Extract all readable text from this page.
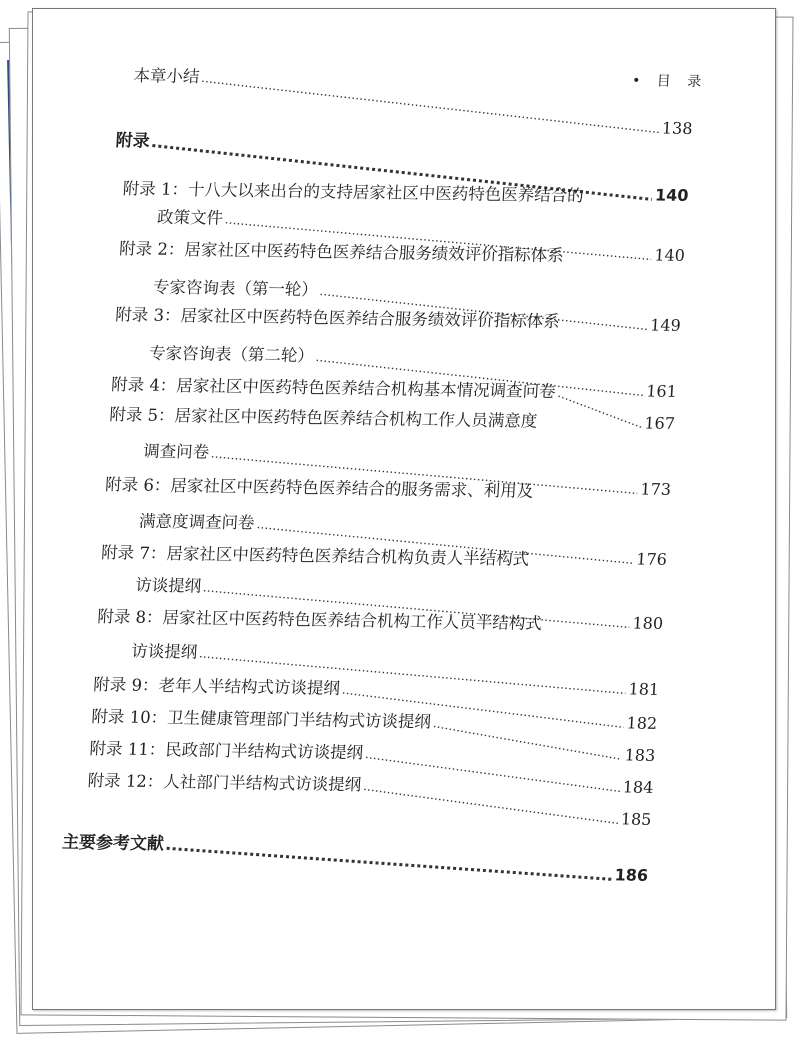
• 目 录
本章小结
138
附录
140
附录 1：
十八大以来出台的支持居家社区中医药特色医养结合的
政策文件
140
附录 2：
居家社区中医药特色医养结合服务绩效评价指标体系
专家咨询表（第一轮）
149
附录 3：
居家社区中医药特色医养结合服务绩效评价指标体系
专家咨询表（第二轮）
161
附录 4：
居家社区中医药特色医养结合机构基本情况调查问卷
167
附录 5：
居家社区中医药特色医养结合机构工作人员满意度
调查问卷
173
附录 6：
居家社区中医药特色医养结合的服务需求、利用及
满意度调查问卷
176
附录 7：
居家社区中医药特色医养结合机构负责人半结构式
访谈提纲
180
附录 8：
居家社区中医药特色医养结合机构工作人员半结构式
访谈提纲
181
附录 9：
老年人半结构式访谈提纲
182
附录 10：
卫生健康管理部门半结构式访谈提纲
183
附录 11：
民政部门半结构式访谈提纲
184
附录 12：
人社部门半结构式访谈提纲
185
主要参考文献
186
